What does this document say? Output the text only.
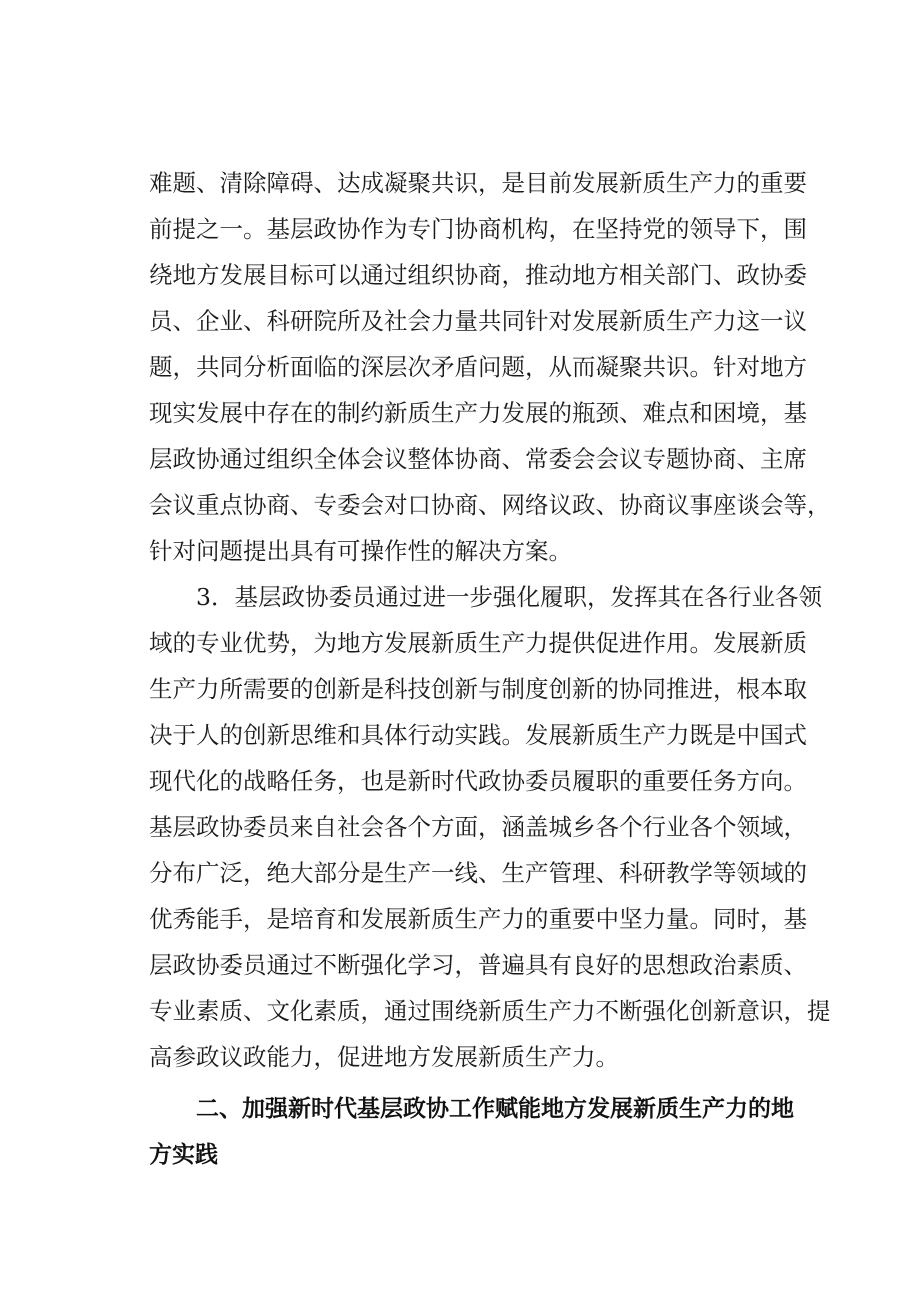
难题、清除障碍、达成凝聚共识，是目前发展新质生产力的重要
前提之一。基层政协作为专门协商机构，在坚持党的领导下，围
绕地方发展目标可以通过组织协商，推动地方相关部门、政协委
员、企业、科研院所及社会力量共同针对发展新质生产力这一议
题，共同分析面临的深层次矛盾问题，从而凝聚共识。针对地方
现实发展中存在的制约新质生产力发展的瓶颈、难点和困境，基
层政协通过组织全体会议整体协商、常委会会议专题协商、主席
会议重点协商、专委会对口协商、网络议政、协商议事座谈会等，
针对问题提出具有可操作性的解决方案。
3．基层政协委员通过进一步强化履职，发挥其在各行业各领
域的专业优势，为地方发展新质生产力提供促进作用。发展新质
生产力所需要的创新是科技创新与制度创新的协同推进，根本取
决于人的创新思维和具体行动实践。发展新质生产力既是中国式
现代化的战略任务，也是新时代政协委员履职的重要任务方向。
基层政协委员来自社会各个方面，涵盖城乡各个行业各个领域，
分布广泛，绝大部分是生产一线、生产管理、科研教学等领域的
优秀能手，是培育和发展新质生产力的重要中坚力量。同时，基
层政协委员通过不断强化学习，普遍具有良好的思想政治素质、
专业素质、文化素质，通过围绕新质生产力不断强化创新意识，提
高参政议政能力，促进地方发展新质生产力。
二、加强新时代基层政协工作赋能地方发展新质生产力的地
方实践
